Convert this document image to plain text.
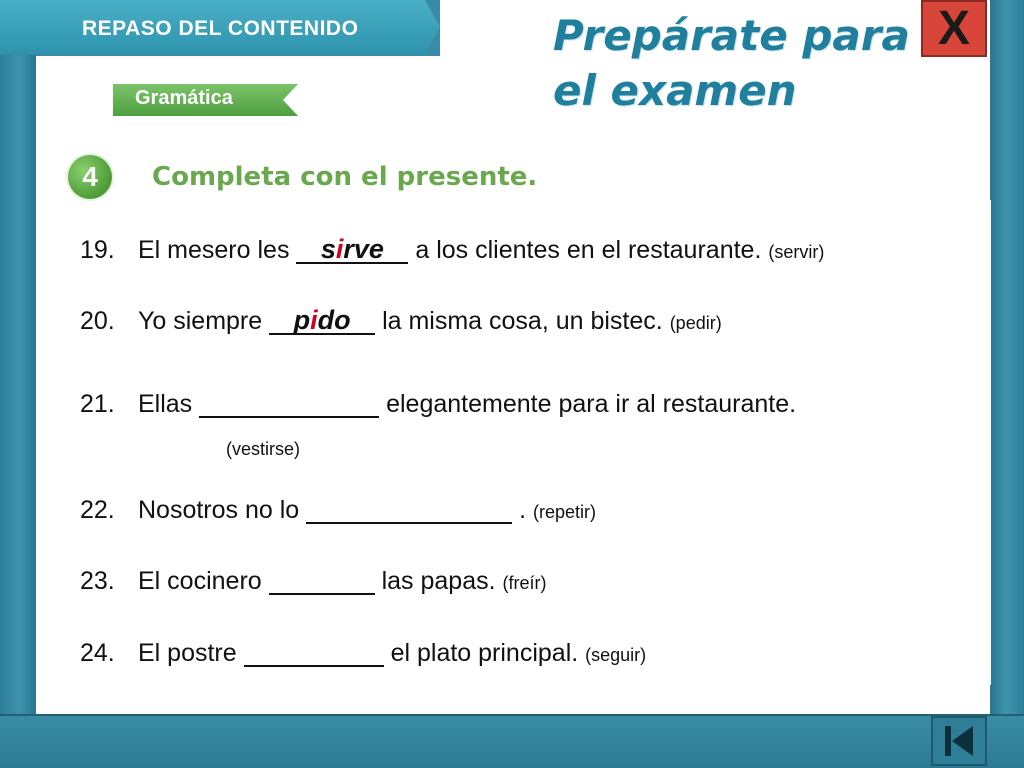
REPASO DEL CONTENIDO	Prepárate para
el examen
X
Gramática
4	Completa con el presente.
19. El mesero les sirve a los clientes en el restaurante. (servir)
20. Yo siempre pido la misma cosa, un bistec. (pedir)
21. Ellas	elegantemente para ir al restaurante.
(vestirse)
22. Nosotros no lo	. (repetir)
23. El cocinero	las papas. (freír)
24. El postre	el plato principal. (seguir)
